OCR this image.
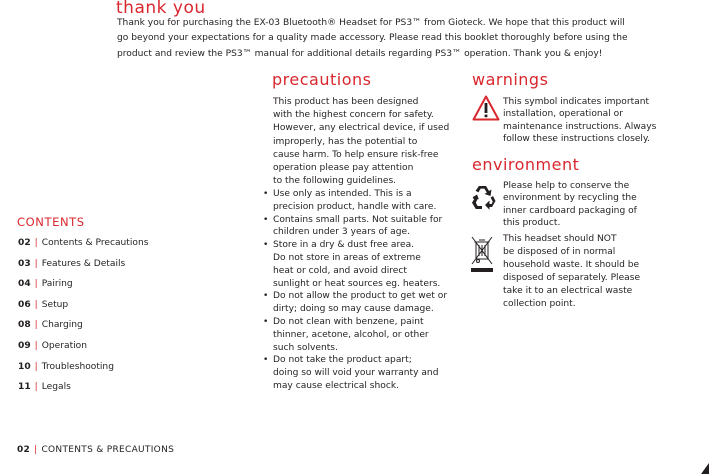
thank you
Thank you for purchasing the EX-03 Bluetooth® Headset for PS3™ from Gioteck. We hope that this product will
go beyond your expectations for a quality made accessory. Please read this booklet thoroughly before using the
product and review the PS3™ manual for additional details regarding PS3™ operation. Thank you & enjoy!
precautions
This product has been designed
with the highest concern for safety.
However, any electrical device, if used
improperly, has the potential to
cause harm. To help ensure risk-free
operation please pay attention
to the following guidelines.
• Use only as intended. This is a
precision product, handle with care.
• Contains small parts. Not suitable for
children under 3 years of age.
• Store in a dry & dust free area.
Do not store in areas of extreme
heat or cold, and avoid direct
sunlight or heat sources eg. heaters.
• Do not allow the product to get wet or
dirty; doing so may cause damage.
• Do not clean with benzene, paint
thinner, acetone, alcohol, or other
such solvents.
• Do not take the product apart;
doing so will void your warranty and
may cause electrical shock.
warnings
This symbol indicates important
installation, operational or
maintenance instructions. Always
follow these instructions closely.
environment
Please help to conserve the
environment by recycling the
inner cardboard packaging of
this product.
This headset should NOT
be disposed of in normal
household waste. It should be
disposed of separately. Please
take it to an electrical waste
collection point.
CONTENTS
02 | Contents & Precautions
03 | Features & Details
04 | Pairing
06 | Setup
08 | Charging
09 | Operation
10 | Troubleshooting
11 | Legals
02 | CONTENTS & PRECAUTIONS
